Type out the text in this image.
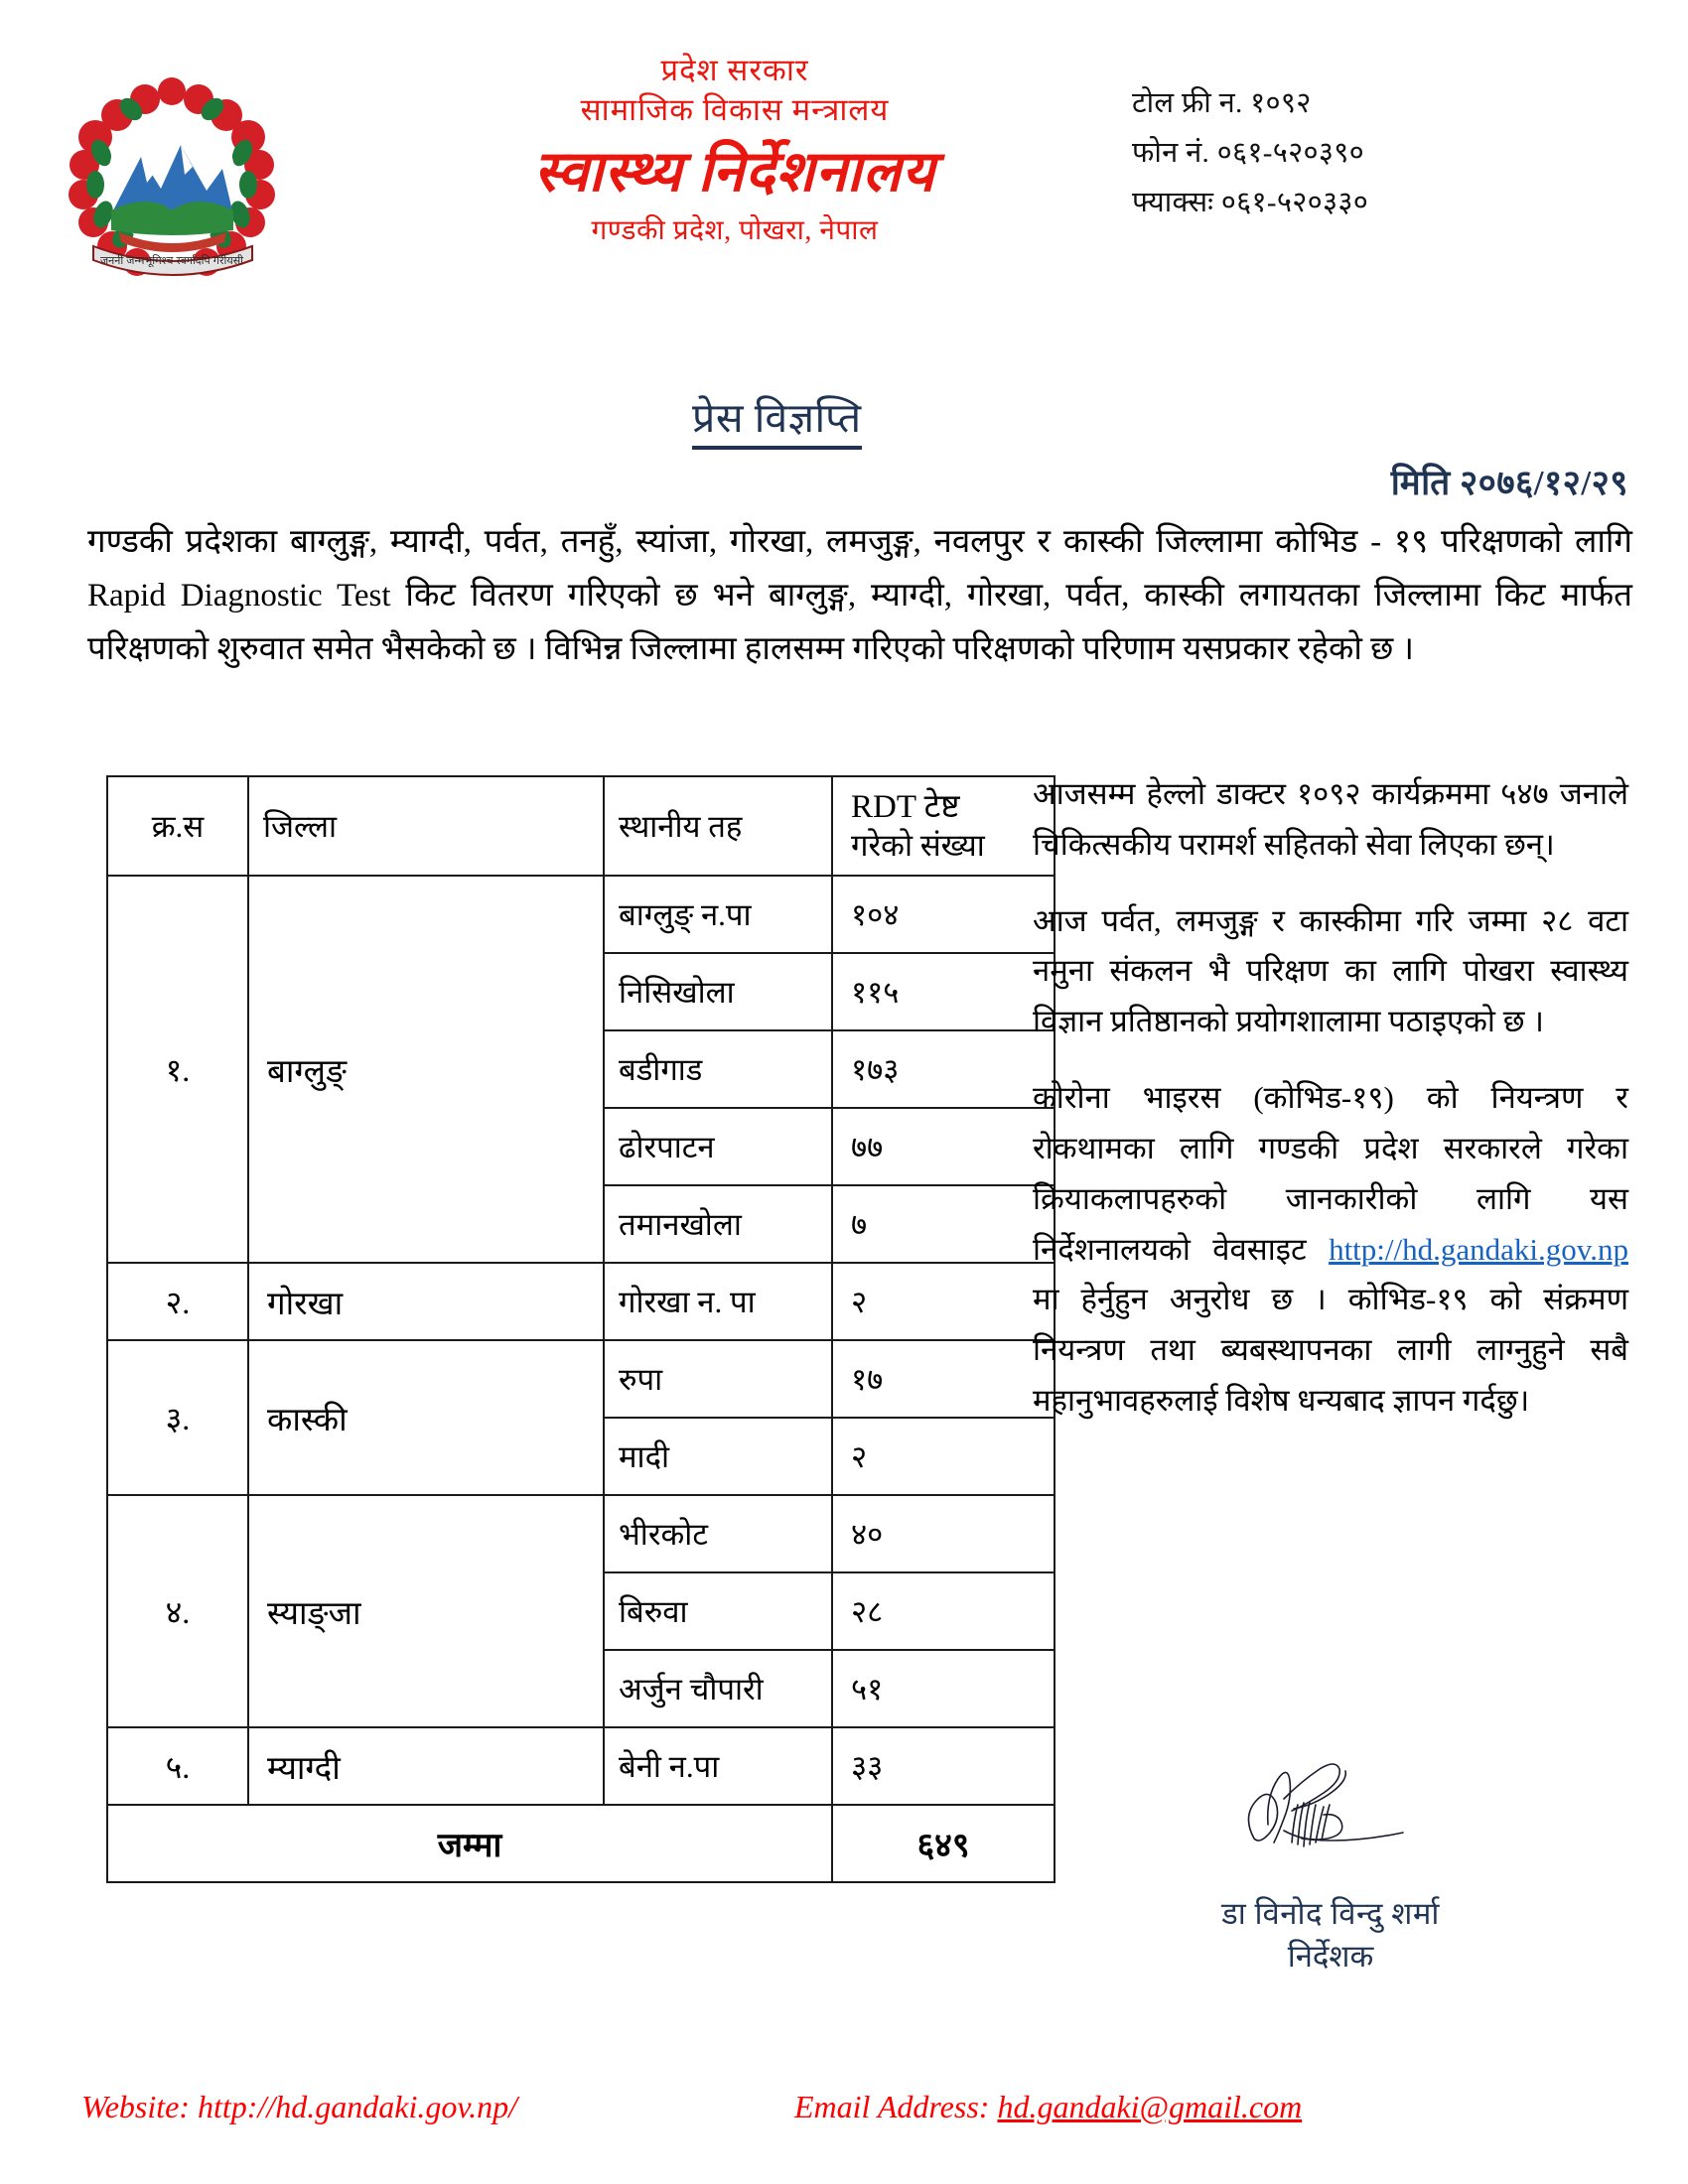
जननी जन्मभूमिश्च स्वर्गादपि गरीयसी
प्रदेश सरकार
सामाजिक विकास मन्त्रालय
स्वास्थ्य निर्देशनालय
गण्डकी प्रदेश, पोखरा, नेपाल
टोल फ्री न. १०९२
फोन नं. ०६१-५२०३९०
फ्याक्सः ०६१-५२०३३०
प्रेस विज्ञप्ति
मिति २०७६/१२/२९
गण्डकी प्रदेशका बाग्लुङ्ग, म्याग्दी, पर्वत, तनहुँ, स्यांजा, गोरखा, लमजुङ्ग, नवलपुर र कास्की जिल्लामा कोभिड - १९ परिक्षणको लागि Rapid Diagnostic Test किट वितरण गरिएको छ भने बाग्लुङ्ग, म्याग्दी, गोरखा, पर्वत, कास्की लगायतका जिल्लामा किट मार्फत परिक्षणको शुरुवात समेत भैसकेको छ । विभिन्न जिल्लामा हालसम्म गरिएको परिक्षणको परिणाम यसप्रकार रहेको छ ।
क्र.स	जिल्ला	स्थानीय तह	RDT टेष्ट
गरेको संख्या

१.	बाग्लुङ्	बाग्लुङ् न.पा	१०४
		निसिखोला	११५
		बडीगाड	१७३
		ढोरपाटन	७७
		तमानखोला	७
२.	गोरखा	गोरखा न. पा	२
३.	कास्की	रुपा	१७
		मादी	२
४.	स्याङ्जा	भीरकोट	४०
		बिरुवा	२८
		अर्जुन चौपारी	५१
५.	म्याग्दी	बेनी न.पा	३३
जम्मा			६४९

आजसम्म हेल्लो डाक्टर १०९२ कार्यक्रममा ५४७ जनाले चिकित्सकीय परामर्श सहितको सेवा लिएका छन्।

आज पर्वत, लमजुङ्ग र कास्कीमा गरि जम्मा २८ वटा नमुना संकलन भै परिक्षण का लागि पोखरा स्वास्थ्य विज्ञान प्रतिष्ठानको प्रयोगशालामा पठाइएको छ ।

कोरोना भाइरस (कोभिड-१९) को नियन्त्रण र रोकथामका लागि गण्डकी प्रदेश सरकारले गरेका क्रियाकलापहरुको जानकारीको लागि यस निर्देशनालयको वेवसाइट http://hd.gandaki.gov.np मा हेर्नुहुन अनुरोध छ । कोभिड-१९ को संक्रमण नियन्त्रण तथा ब्यबस्थापनका लागी लाग्नुहुने सबै महानुभावहरुलाई विशेष धन्यबाद ज्ञापन गर्दछु।

डा विनोद विन्दु शर्मा
निर्देशक
Website: http://hd.gandaki.gov.np/	Email Address: hd.gandaki@gmail.com
